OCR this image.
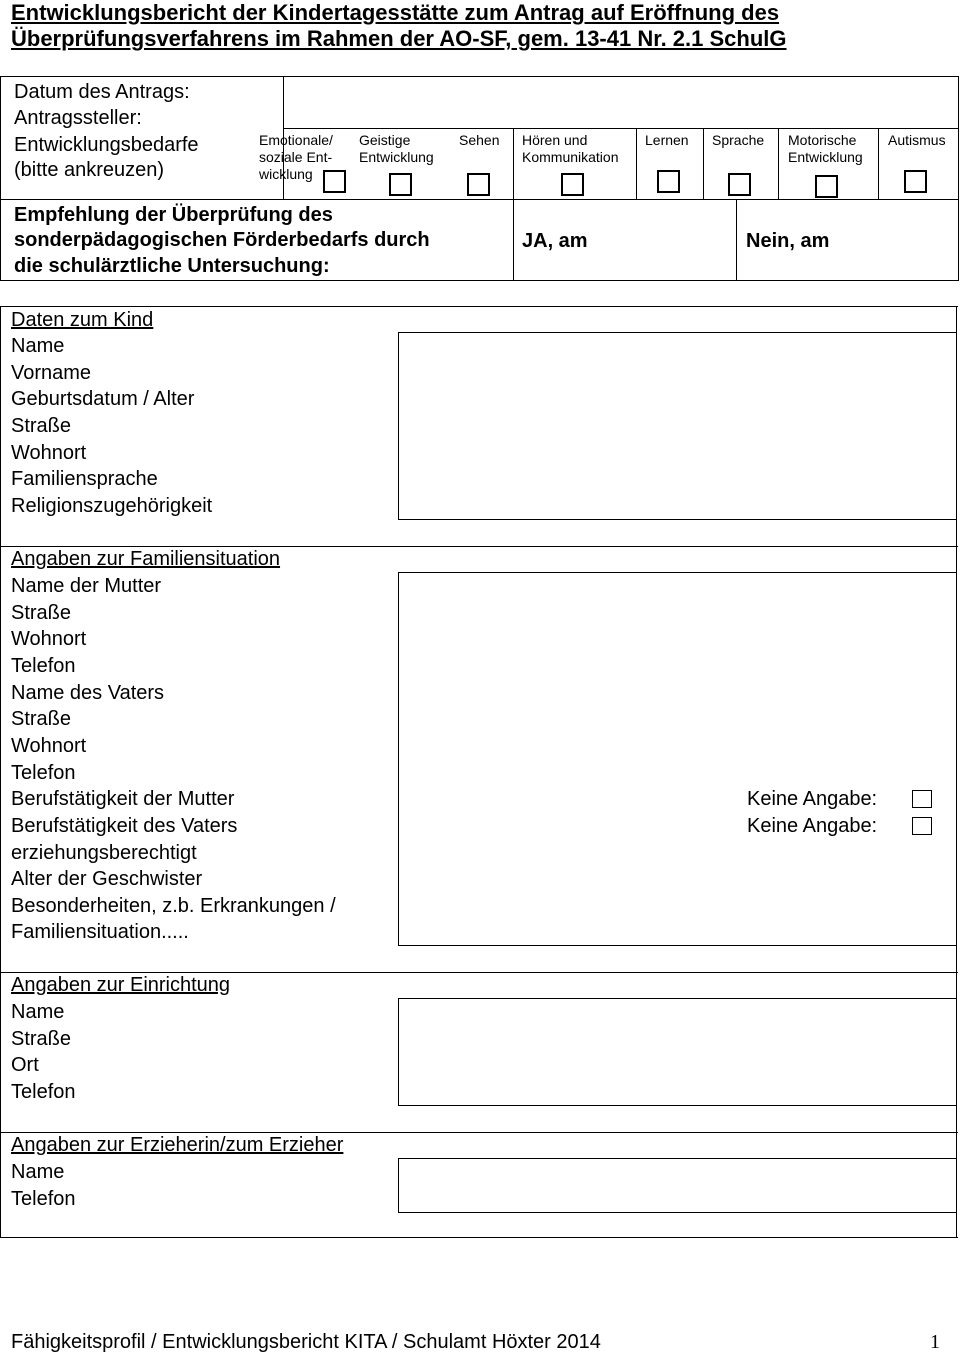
Entwicklungsbericht der Kindertagesstätte zum Antrag auf Eröffnung des
Überprüfungsverfahrens im Rahmen der AO-SF, gem. 13-41 Nr. 2.1 SchulG
Datum des Antrags:
Antragssteller:
Entwicklungsbedarfe
(bitte ankreuzen)
Emotionale/
soziale Ent-
wicklung
Geistige
Entwicklung
Sehen Hören und
Kommunikation
Lernen Sprache Motorische
Entwicklung
Autismus
Empfehlung der Überprüfung des
sonderpädagogischen Förderbedarfs durch
die schulärztliche Untersuchung:
JA, am	Nein, am
Daten zum Kind
Name
Vorname
Geburtsdatum / Alter
Straße
Wohnort
Familiensprache
Religionszugehörigkeit
Angaben zur Familiensituation
Name der Mutter
Straße
Wohnort
Telefon
Name des Vaters
Straße
Wohnort
Telefon
Berufstätigkeit der Mutter
Berufstätigkeit des Vaters
erziehungsberechtigt
Alter der Geschwister
Besonderheiten, z.b. Erkrankungen /
Familiensituation.....
Keine Angabe:
Keine Angabe:
Angaben zur Einrichtung
Name
Straße
Ort
Telefon
Angaben zur Erzieherin/zum Erzieher
Name
Telefon
Fähigkeitsprofil / Entwicklungsbericht KITA / Schulamt Höxter 2014	1
